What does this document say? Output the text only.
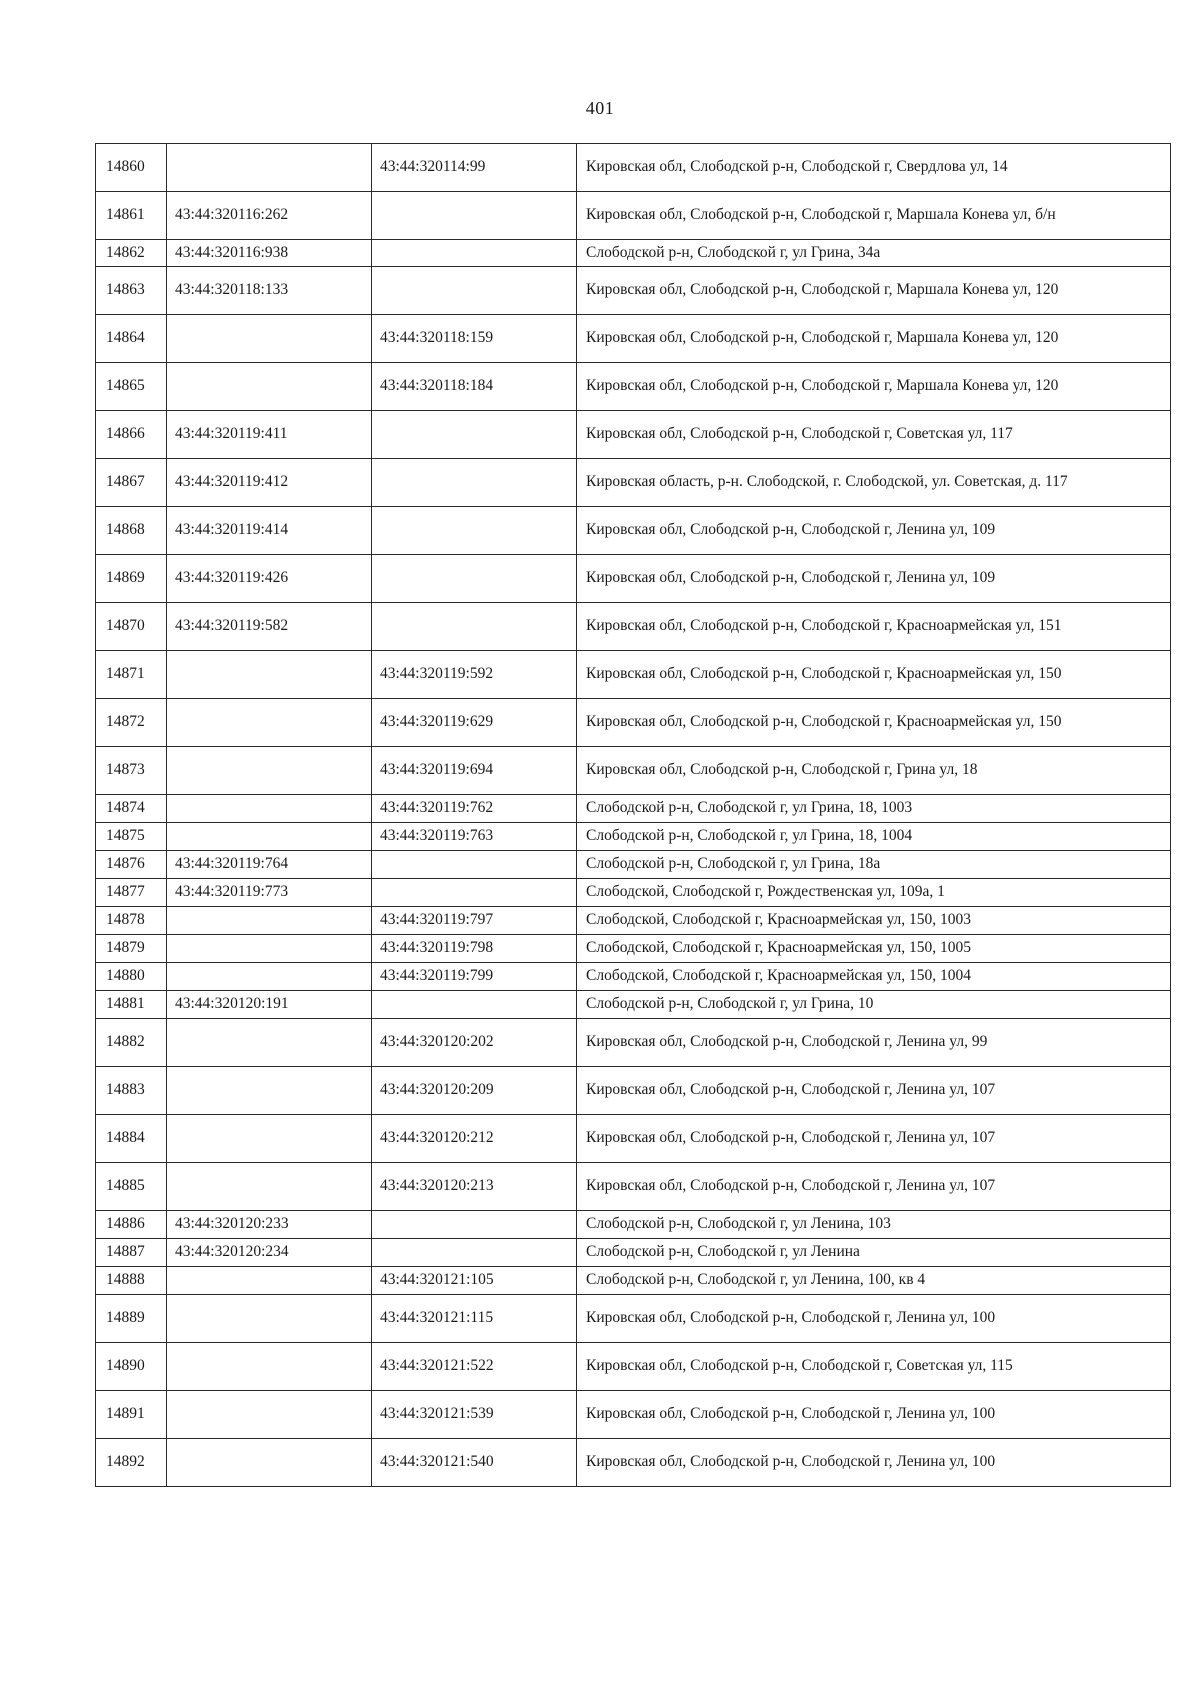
401
14860		43:44:320114:99	Кировская обл, Слободской р-н, Слободской г, Свердлова ул, 14
14861	43:44:320116:262		Кировская обл, Слободской р-н, Слободской г, Маршала Конева ул, б/н
14862	43:44:320116:938		Слободской р-н, Слободской г, ул Грина, 34а
14863	43:44:320118:133		Кировская обл, Слободской р-н, Слободской г, Маршала Конева ул, 120
14864		43:44:320118:159	Кировская обл, Слободской р-н, Слободской г, Маршала Конева ул, 120
14865		43:44:320118:184	Кировская обл, Слободской р-н, Слободской г, Маршала Конева ул, 120
14866	43:44:320119:411		Кировская обл, Слободской р-н, Слободской г, Советская ул, 117
14867	43:44:320119:412		Кировская область, р-н. Слободской, г. Слободской, ул. Советская, д. 117
14868	43:44:320119:414		Кировская обл, Слободской р-н, Слободской г, Ленина ул, 109
14869	43:44:320119:426		Кировская обл, Слободской р-н, Слободской г, Ленина ул, 109
14870	43:44:320119:582		Кировская обл, Слободской р-н, Слободской г, Красноармейская ул, 151
14871		43:44:320119:592	Кировская обл, Слободской р-н, Слободской г, Красноармейская ул, 150
14872		43:44:320119:629	Кировская обл, Слободской р-н, Слободской г, Красноармейская ул, 150
14873		43:44:320119:694	Кировская обл, Слободской р-н, Слободской г, Грина ул, 18
14874		43:44:320119:762	Слободской р-н, Слободской г, ул Грина, 18, 1003
14875		43:44:320119:763	Слободской р-н, Слободской г, ул Грина, 18, 1004
14876	43:44:320119:764		Слободской р-н, Слободской г, ул Грина, 18а
14877	43:44:320119:773		Слободской, Слободской г, Рождественская ул, 109а, 1
14878		43:44:320119:797	Слободской, Слободской г, Красноармейская ул, 150, 1003
14879		43:44:320119:798	Слободской, Слободской г, Красноармейская ул, 150, 1005
14880		43:44:320119:799	Слободской, Слободской г, Красноармейская ул, 150, 1004
14881	43:44:320120:191		Слободской р-н, Слободской г, ул Грина, 10
14882		43:44:320120:202	Кировская обл, Слободской р-н, Слободской г, Ленина ул, 99
14883		43:44:320120:209	Кировская обл, Слободской р-н, Слободской г, Ленина ул, 107
14884		43:44:320120:212	Кировская обл, Слободской р-н, Слободской г, Ленина ул, 107
14885		43:44:320120:213	Кировская обл, Слободской р-н, Слободской г, Ленина ул, 107
14886	43:44:320120:233		Слободской р-н, Слободской г, ул Ленина, 103
14887	43:44:320120:234		Слободской р-н, Слободской г, ул Ленина
14888		43:44:320121:105	Слободской р-н, Слободской г, ул Ленина, 100, кв 4
14889		43:44:320121:115	Кировская обл, Слободской р-н, Слободской г, Ленина ул, 100
14890		43:44:320121:522	Кировская обл, Слободской р-н, Слободской г, Советская ул, 115
14891		43:44:320121:539	Кировская обл, Слободской р-н, Слободской г, Ленина ул, 100
14892		43:44:320121:540	Кировская обл, Слободской р-н, Слободской г, Ленина ул, 100
